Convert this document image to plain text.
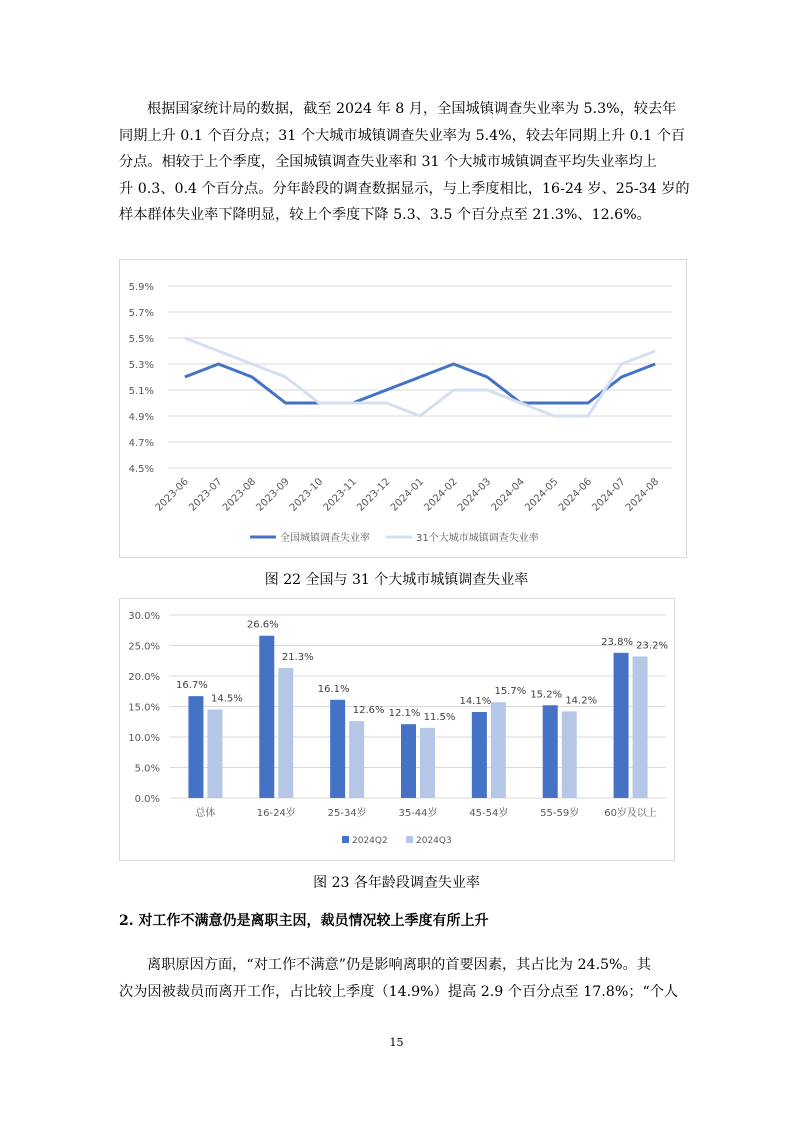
根据国家统计局的数据，截至 2024 年 8 月，全国城镇调查失业率为 5.3%，较去年
同期上升 0.1 个百分点；31 个大城市城镇调查失业率为 5.4%，较去年同期上升 0.1 个百
分点。相较于上个季度，全国城镇调查失业率和 31 个大城市城镇调查平均失业率均上
升 0.3、0.4 个百分点。分年龄段的调查数据显示，与上季度相比，16-24 岁、25-34 岁的
样本群体失业率下降明显，较上个季度下降 5.3、3.5 个百分点至 21.3%、12.6%。
4.5%
4.7%
4.9%
5.1%
5.3%
5.5%
5.7%
5.9%
2023-06
2023-07
2023-08
2023-09
2023-10
2023-11
2023-12
2024-01
2024-02
2024-03
2024-04
2024-05
2024-06
2024-07
2024-08
全国城镇调查失业率	31个大城市城镇调查失业率

图 22 全国与 31 个大城市城镇调查失业率

0.0%
5.0%
10.0%
15.0%
20.0%
25.0%
30.0%
16.7%
14.5%
总体
26.6%
21.3%
16-24岁
16.1%
12.6%
25-34岁
12.1% 11.5%
35-44岁
14.1%
15.7%
45-54岁
15.2%
14.2%
55-59岁
23.8% 23.2%
60岁及以上
2024Q2	2024Q3

图 23 各年龄段调查失业率

2. 对工作不满意仍是离职主因，裁员情况较上季度有所上升

离职原因方面，“对工作不满意”仍是影响离职的首要因素，其占比为 24.5%。其
次为因被裁员而离开工作，占比较上季度（14.9%）提高 2.9 个百分点至 17.8%；“个人

15
